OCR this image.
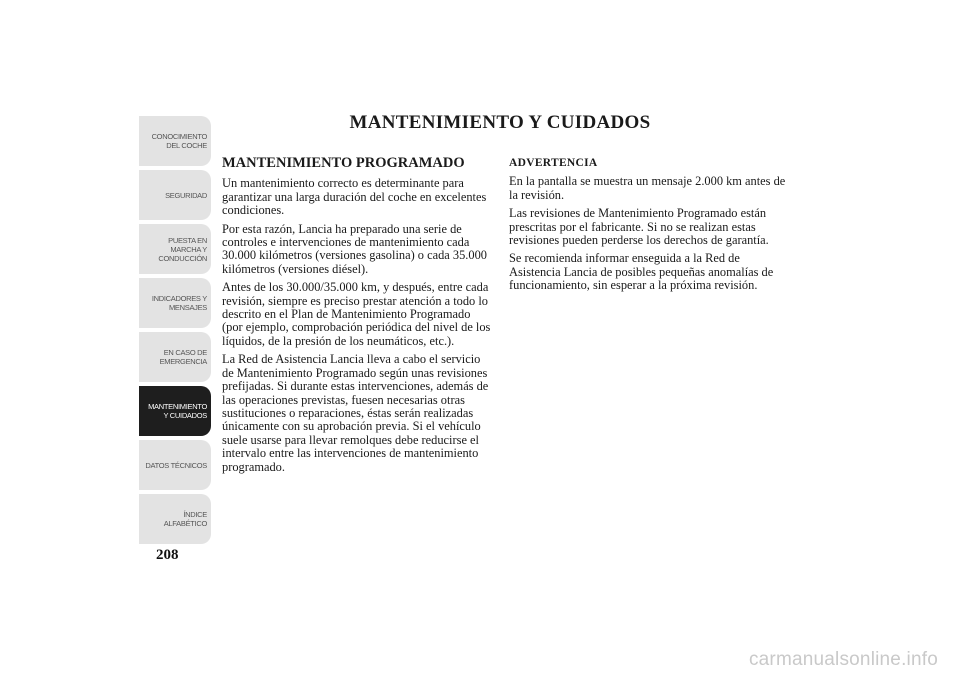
CONOCIMIENTO DEL COCHE
SEGURIDAD
PUESTA EN MARCHA Y CONDUCCIÓN
INDICADORES Y MENSAJES
EN CASO DE EMERGENCIA
MANTENIMIENTO Y CUIDADOS
DATOS TÉCNICOS
ÍNDICE ALFABÉTICO
208
MANTENIMIENTO Y CUIDADOS
MANTENIMIENTO PROGRAMADO

Un mantenimiento correcto es determinante para garantizar una larga duración del coche en excelentes condiciones.

Por esta razón, Lancia ha preparado una serie de controles e intervenciones de mantenimiento cada 30.000 kilómetros (versiones gasolina) o cada 35.000 kilómetros (versiones diésel).

Antes de los 30.000/35.000 km, y después, entre cada revisión, siempre es preciso prestar atención a todo lo descrito en el Plan de Mantenimiento Programado (por ejemplo, comprobación periódica del nivel de los líquidos, de la presión de los neumáticos, etc.).

La Red de Asistencia Lancia lleva a cabo el servicio de Mantenimiento Programado según unas revisiones prefijadas. Si durante estas intervenciones, además de las operaciones previstas, fuesen necesarias otras sustituciones o reparaciones, éstas serán realizadas únicamente con su aprobación previa. Si el vehículo suele usarse para llevar remolques debe reducirse el intervalo entre las intervenciones de mantenimiento programado.

ADVERTENCIA

En la pantalla se muestra un mensaje 2.000 km antes de la revisión.

Las revisiones de Mantenimiento Programado están prescritas por el fabricante. Si no se realizan estas revisiones pueden perderse los derechos de garantía.

Se recomienda informar enseguida a la Red de Asistencia Lancia de posibles pequeñas anomalías de funcionamiento, sin esperar a la próxima revisión.

carmanualsonline.info
